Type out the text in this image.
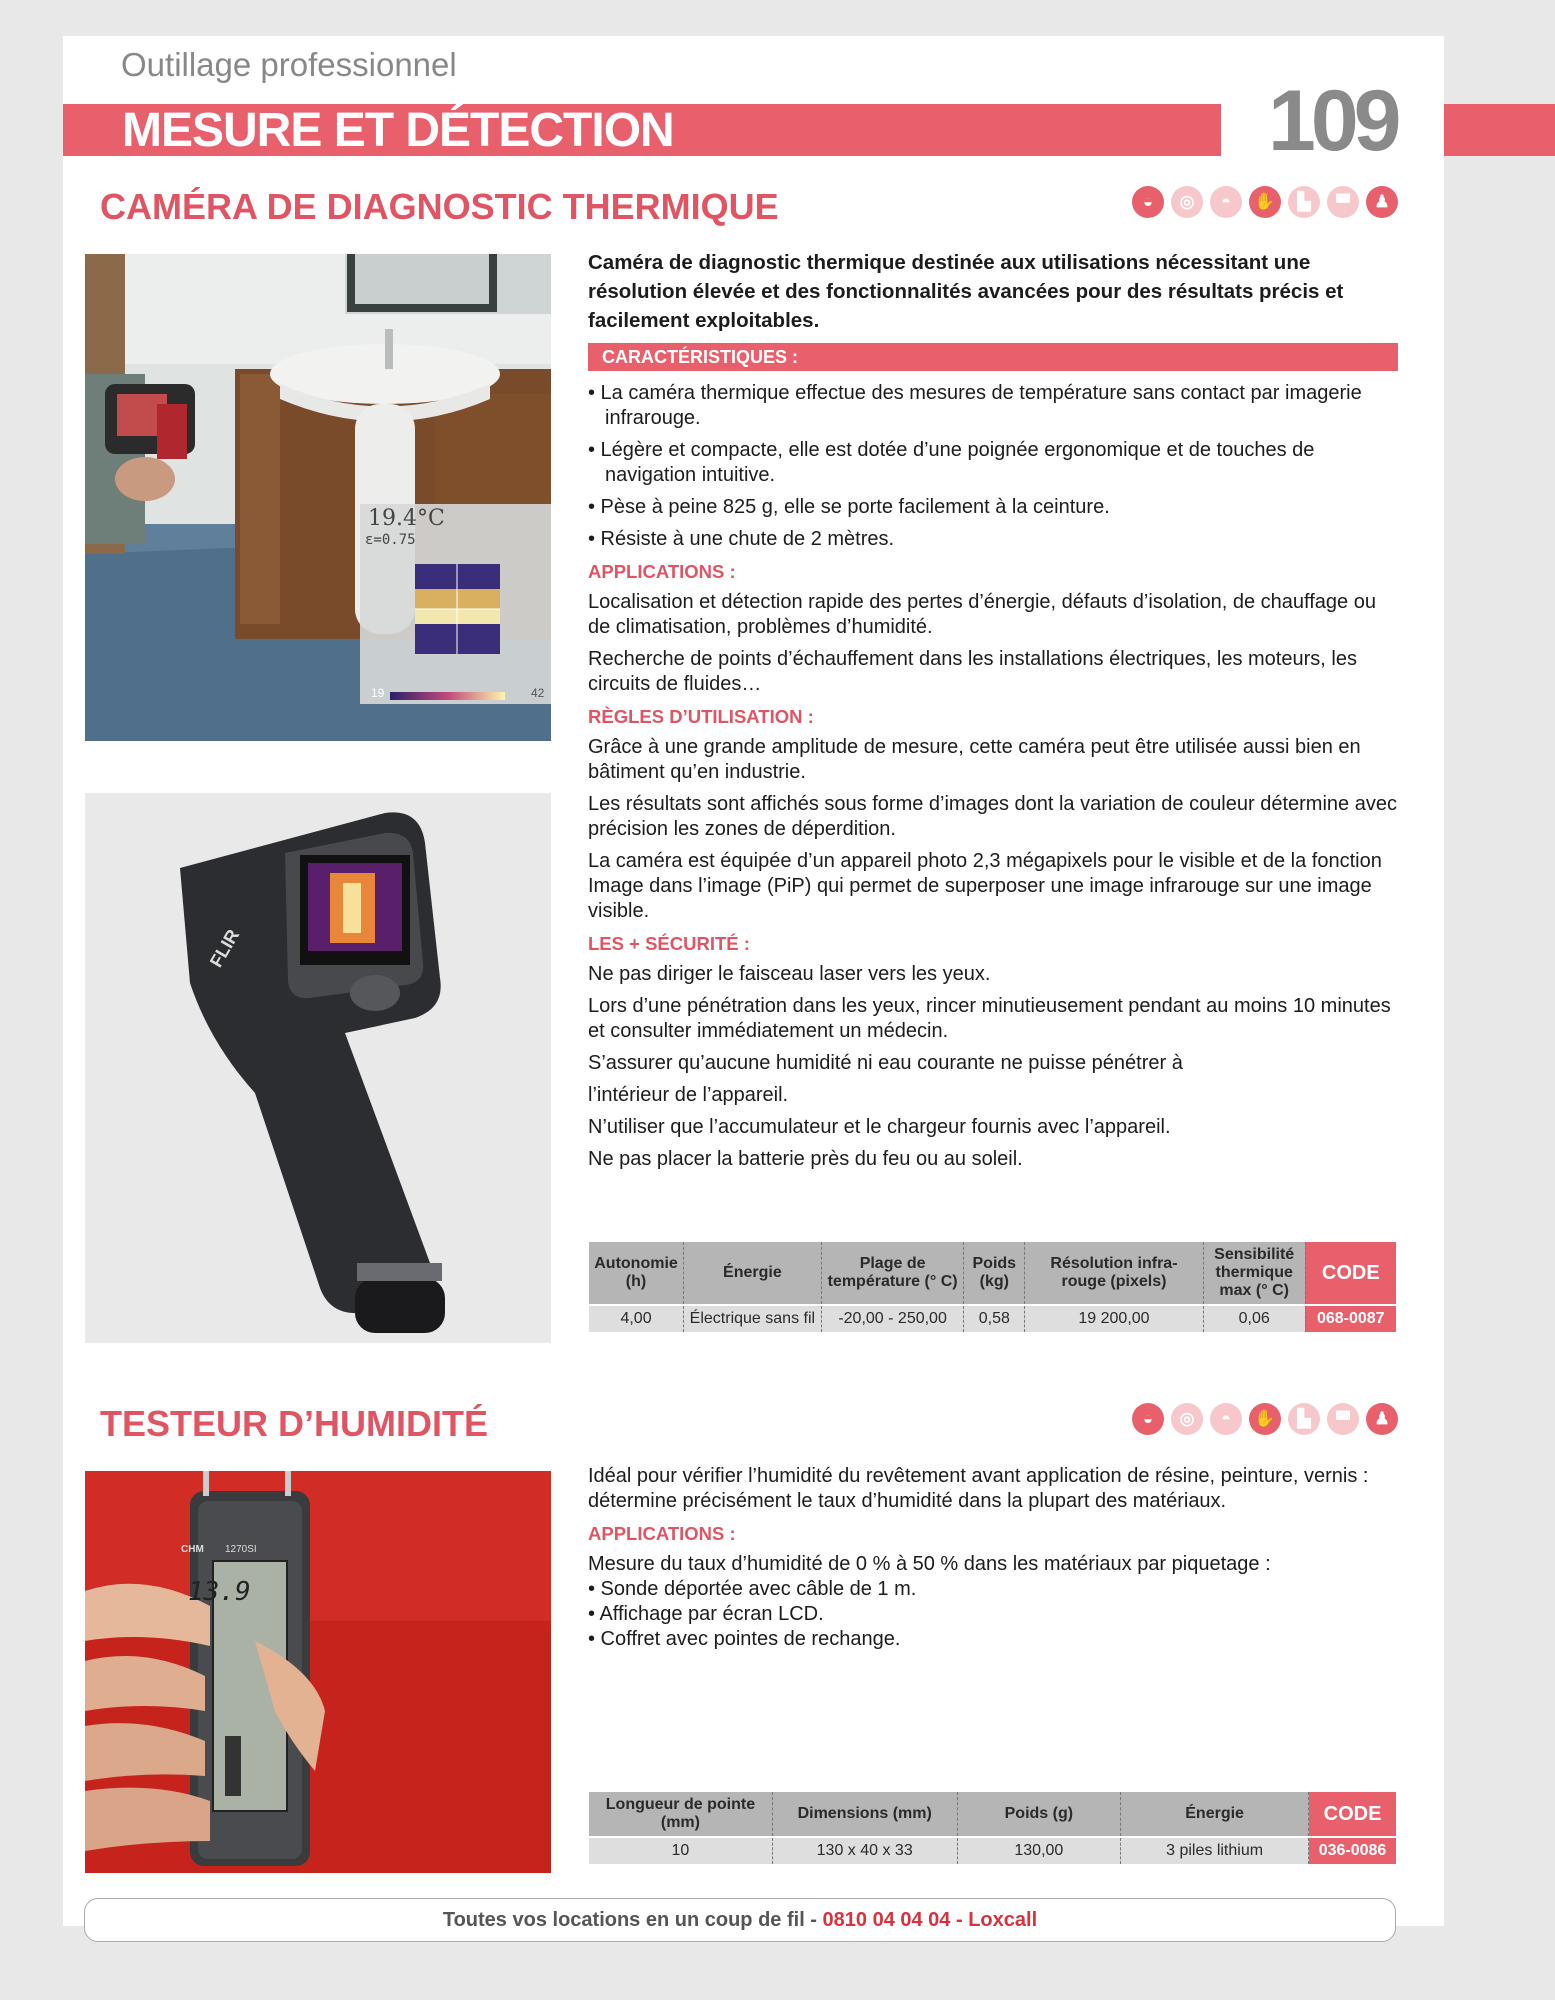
Outillage professionnel
MESURE ET DÉTECTION	109
CAMÉRA DE DIAGNOSTIC THERMIQUE	◒	◎	◓	✋	▙	◚	♟
19.4°C
ε=0.75
19	42
FLIR

Caméra de diagnostic thermique destinée aux utilisations nécessitant une résolution élevée et des fonctionnalités avancées pour des résultats précis et facilement exploitables.

CARACTÉRISTIQUES :
• La caméra thermique effectue des mesures de température sans contact par imagerie infrarouge.
• Légère et compacte, elle est dotée d’une poignée ergonomique et de touches de navigation intuitive.
• Pèse à peine 825 g, elle se porte facilement à la ceinture.
• Résiste à une chute de 2 mètres.
APPLICATIONS :

Localisation et détection rapide des pertes d’énergie, défauts d’isolation, de chauffage ou de climatisation, problèmes d’humidité.

Recherche de points d’échauffement dans les installations électriques, les moteurs, les circuits de fluides…

RÈGLES D’UTILISATION :

Grâce à une grande amplitude de mesure, cette caméra peut être utilisée aussi bien en bâtiment qu’en industrie.

Les résultats sont affichés sous forme d’images dont la variation de couleur détermine avec précision les zones de déperdition.

La caméra est équipée d’un appareil photo 2,3 mégapixels pour le visible et de la fonction Image dans l’image (PiP) qui permet de superposer une image infrarouge sur une image visible.

LES + SÉCURITÉ :

Ne pas diriger le faisceau laser vers les yeux.

Lors d’une pénétration dans les yeux, rincer minutieusement pendant au moins 10 minutes et consulter immédiatement un médecin.

S’assurer qu’aucune humidité ni eau courante ne puisse pénétrer à

l’intérieur de l’appareil.

N’utiliser que l’accumulateur et le chargeur fournis avec l’appareil.

Ne pas placer la batterie près du feu ou au soleil.

Autonomie (h)	Énergie	Plage de température (° C)	Poids (kg)	Résolution infra-rouge (pixels)	Sensibilité thermique max (° C)	CODE
4,00	Électrique sans fil	-20,00 - 250,00	0,58	19 200,00	0,06	068-0087
TESTEUR D’HUMIDITÉ	◒	◎	◓	✋	▙	◚	♟
CHM 1270SI
13.9

Idéal pour vérifier l’humidité du revêtement avant application de résine, peinture, vernis : détermine précisément le taux d’humidité dans la plupart des matériaux.

APPLICATIONS :

Mesure du taux d’humidité de 0 % à 50 % dans les matériaux par piquetage :

• Sonde déportée avec câble de 1 m.
• Affichage par écran LCD.
• Coffret avec pointes de rechange.
Longueur de pointe (mm)	Dimensions (mm)	Poids (g)	Énergie	CODE
10	130 x 40 x 33	130,00	3 piles lithium	036-0086
Toutes vos locations en un coup de fil - 0810 04 04 04 - Loxcall
